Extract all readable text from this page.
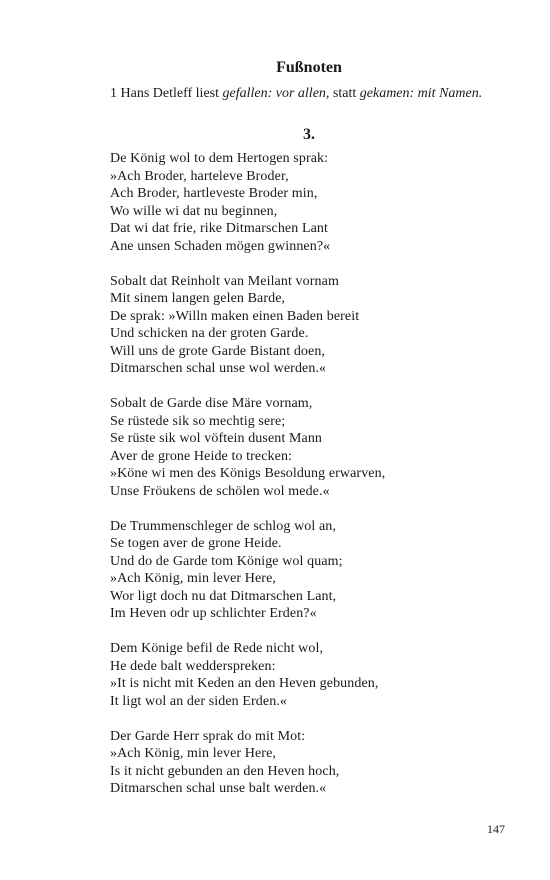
Fußnoten

1 Hans Detleff liest gefallen: vor allen, statt gekamen: mit Namen.

3.
De König wol to dem Hertogen sprak:
»Ach Broder, harteleve Broder,
Ach Broder, hartleveste Broder min,
Wo wille wi dat nu beginnen,
Dat wi dat frie, rike Ditmarschen Lant
Ane unsen Schaden mögen gwinnen?«
Sobalt dat Reinholt van Meilant vornam
Mit sinem langen gelen Barde,
De sprak: »Willn maken einen Baden bereit
Und schicken na der groten Garde.
Will uns de grote Garde Bistant doen,
Ditmarschen schal unse wol werden.«
Sobalt de Garde dise Märe vornam,
Se rüstede sik so mechtig sere;
Se rüste sik wol vöftein dusent Mann
Aver de grone Heide to trecken:
»Köne wi men des Königs Besoldung erwarven,
Unse Fröukens de schölen wol mede.«
De Trummenschleger de schlog wol an,
Se togen aver de grone Heide.
Und do de Garde tom Könige wol quam;
»Ach König, min lever Here,
Wor ligt doch nu dat Ditmarschen Lant,
Im Heven odr up schlichter Erden?«
Dem Könige befil de Rede nicht wol,
He dede balt wedderspreken:
»It is nicht mit Keden an den Heven gebunden,
It ligt wol an der siden Erden.«
Der Garde Herr sprak do mit Mot:
»Ach König, min lever Here,
Is it nicht gebunden an den Heven hoch,
Ditmarschen schal unse balt werden.«

147
